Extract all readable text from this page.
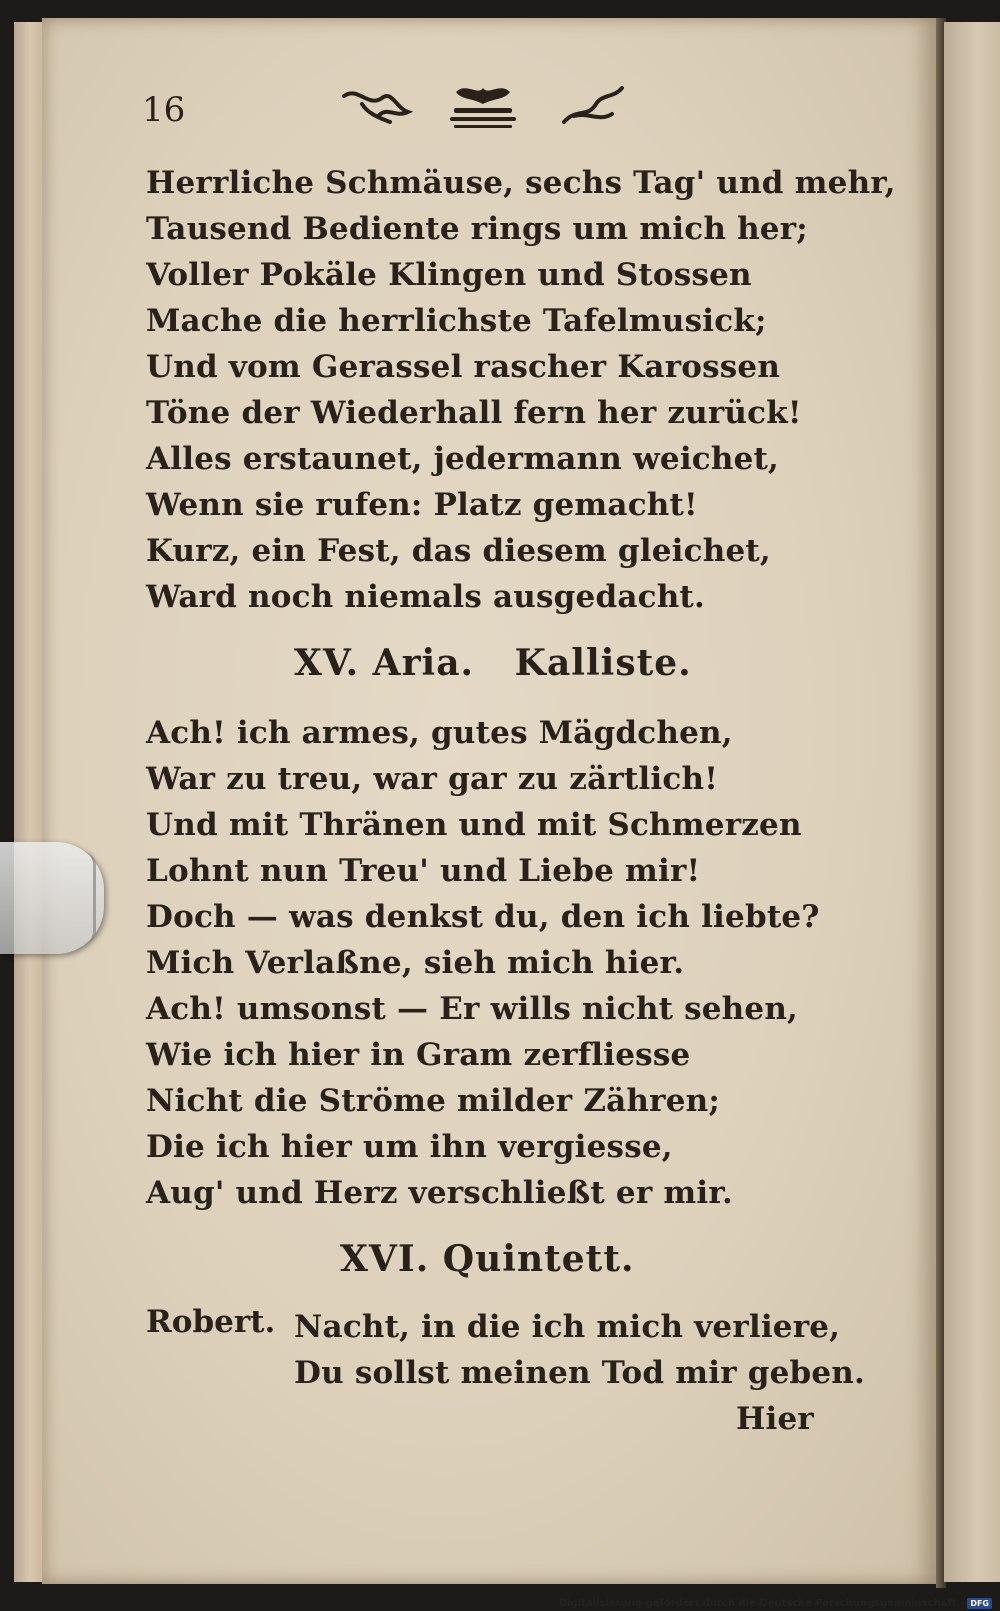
16
Herrliche Schmäuse, sechs Tag' und mehr,
Tausend Bediente rings um mich her;
Voller Pokäle Klingen und Stossen
Mache die herrlichste Tafelmusick;
Und vom Gerassel rascher Karossen
Töne der Wiederhall fern her zurück!
Alles erstaunet, jedermann weichet,
Wenn sie rufen: Platz gemacht!
Kurz, ein Fest, das diesem gleichet,
Ward noch niemals ausgedacht.
XV. Aria.   Kalliste.
Ach! ich armes, gutes Mägdchen,
War zu treu, war gar zu zärtlich!
Und mit Thränen und mit Schmerzen
Lohnt nun Treu' und Liebe mir!
Doch — was denkst du, den ich liebte?
Mich Verlaßne, sieh mich hier.
Ach! umsonst — Er wills nicht sehen,
Wie ich hier in Gram zerfliesse
Nicht die Ströme milder Zähren;
Die ich hier um ihn vergiesse,
Aug' und Herz verschließt er mir.
XVI. Quintett.
Robert. Nacht, in die ich mich verliere,
Du sollst meinen Tod mir geben.
Hier
Digitalisierung gefördert durch die Deutsche Forschungsgemeinschaft - DFG
